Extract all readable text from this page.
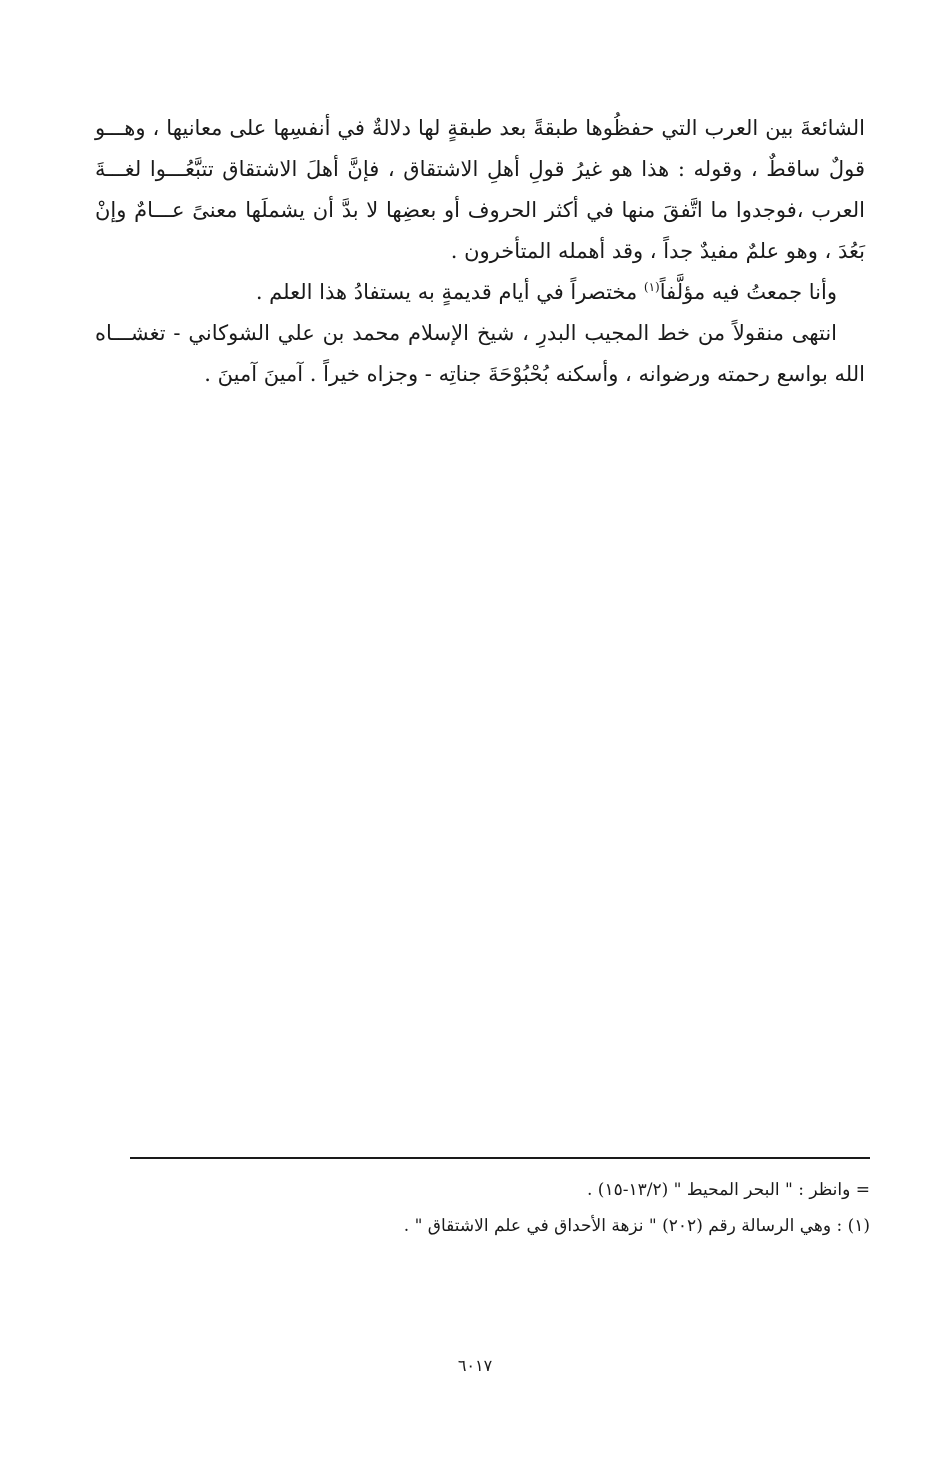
الشائعةَ بين العرب التي حفظُوها طبقةً بعد طبقةٍ لها دلالةٌ في أنفسِها على معانيها ، وهـــو قولٌ ساقطٌ ، وقوله : هذا هو غيرُ قولِ أهلِ الاشتقاق ، فإنَّ أهلَ الاشتقاق تتبَّعُـــوا لغـــةَ العرب ،فوجدوا ما اتَّفقَ منها في أكثر الحروف أو بعضِها لا بدَّ أن يشملَها معنىً عـــامٌ وإنْ بَعُدَ ، وهو علمٌ مفيدٌ جداً ، وقد أهمله المتأخرون .

وأنا جمعتُ فيه مؤلَّفاً$^{(١)}$ مختصراً في أيام قديمةٍ به يستفادُ هذا العلم .

انتهى منقولاً من خط المجيب البدرِ ، شيخ الإسلام محمد بن علي الشوكاني - تغشـــاه الله بواسع رحمته ورضوانه ، وأسكنه بُحْبُوْحَةَ جناتِه - وجزاه خيراً . آمينَ آمينَ .

= وانظر : " البحر المحيط " (١٣/٢-١٥) .

(١) : وهي الرسالة رقم (٢٠٢) " نزهة الأحداق في علم الاشتقاق " .

٦٠١٧
